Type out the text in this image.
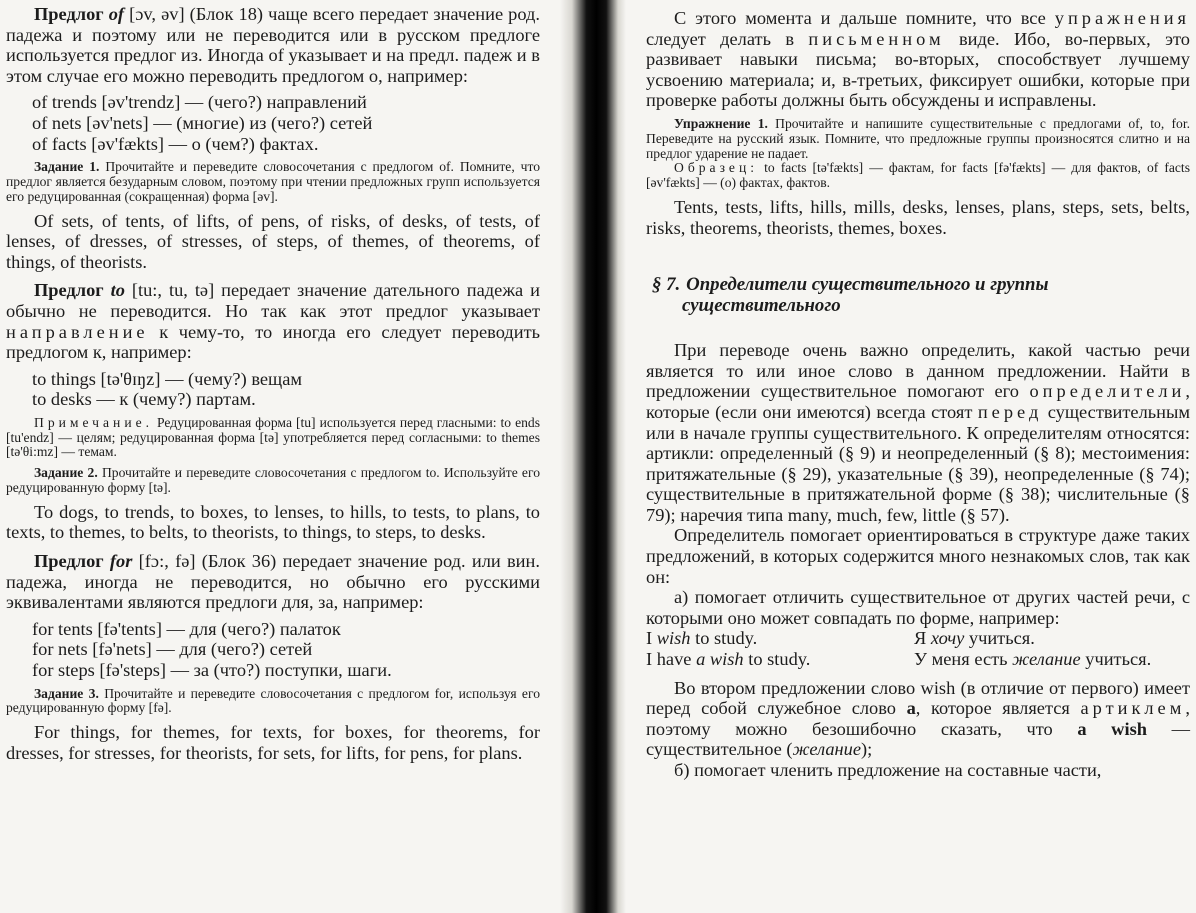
Предлог of [ɔv, əv] (Блок 18) чаще всего передает значение род. падежа и поэтому или не переводится или в русском предлоге используется предлог из. Иногда of указывает и на предл. падеж и в этом случае его можно переводить предлогом о, например:

of trends [əv'trendz] — (чего?) направлений
of nets [əv'nets] — (многие) из (чего?) сетей
of facts [əv'fækts] — о (чем?) фактах.

Задание 1. Прочитайте и переведите словосочетания с предлогом of. Помните, что предлог является безударным словом, поэтому при чтении предложных групп используется его редуцированная (сокращенная) форма [əv].

Of sets, of tents, of lifts, of pens, of risks, of desks, of tests, of lenses, of dresses, of stresses, of steps, of themes, of theorems, of things, of theorists.

Предлог to [tu:, tu, tə] передает значение дательного падежа и обычно не переводится. Но так как этот предлог указывает направление к чему-то, то иногда его следует переводить предлогом к, например:

to things [tə'θɪŋz] — (чему?) вещам
to desks — к (чему?) партам.

Примечание. Редуцированная форма [tu] используется перед гласными: to ends [tu'endz] — целям; редуцированная форма [tə] употребляется перед согласными: to themes [tə'θi:mz] — темам.

Задание 2. Прочитайте и переведите словосочетания с предлогом to. Используйте его редуцированную форму [tə].

To dogs, to trends, to boxes, to lenses, to hills, to tests, to plans, to texts, to themes, to belts, to theorists, to things, to steps, to desks.

Предлог for [fɔ:, fə] (Блок 36) передает значение род. или вин. падежа, иногда не переводится, но обычно его русскими эквивалентами являются предлоги для, за, например:

for tents [fə'tents] — для (чего?) палаток
for nets [fə'nets] — для (чего?) сетей
for steps [fə'steps] — за (что?) поступки, шаги.

Задание 3. Прочитайте и переведите словосочетания с предлогом for, используя его редуцированную форму [fə].

For things, for themes, for texts, for boxes, for theorems, for dresses, for stresses, for theorists, for sets, for lifts, for pens, for plans.

С этого момента и дальше помните, что все упражнения следует делать в письменном виде. Ибо, во-первых, это развивает навыки письма; во-вторых, способствует лучшему усвоению материала; и, в-третьих, фиксирует ошибки, которые при проверке работы должны быть обсуждены и исправлены.

Упражнение 1. Прочитайте и напишите существительные с предлогами of, to, for. Переведите на русский язык. Помните, что предложные группы произносятся слитно и на предлог ударение не падает.

Образец: to facts [tə'fækts] — фактам, for facts [fə'fækts] — для фактов, of facts [əv'fækts] — (о) фактах, фактов.

Tents, tests, lifts, hills, mills, desks, lenses, plans, steps, sets, belts, risks, theorems, theorists, themes, boxes.

§ 7. Определители существительного и группы
существительного

При переводе очень важно определить, какой частью речи является то или иное слово в данном предложении. Найти в предложении существительное помогают его определители, которые (если они имеются) всегда стоят перед существительным или в начале группы существительного. К определителям относятся: артикли: определенный (§ 9) и неопределенный (§ 8); местоимения: притяжательные (§ 29), указательные (§ 39), неопределенные (§ 74); существительные в притяжательной форме (§ 38); числительные (§ 79); наречия типа many, much, few, little (§ 57).

Определитель помогает ориентироваться в структуре даже таких предложений, в которых содержится много незнакомых слов, так как он:

а) помогает отличить существительное от других частей речи, с которыми оно может совпадать по форме, например:

I wish to study.	Я хочу учиться.
I have a wish to study.	У меня есть желание учиться.

Во втором предложении слово wish (в отличие от первого) имеет перед собой служебное слово a, которое является артиклем, поэтому можно безошибочно сказать, что a wish — существительное (желание);

б) помогает членить предложение на составные части,
